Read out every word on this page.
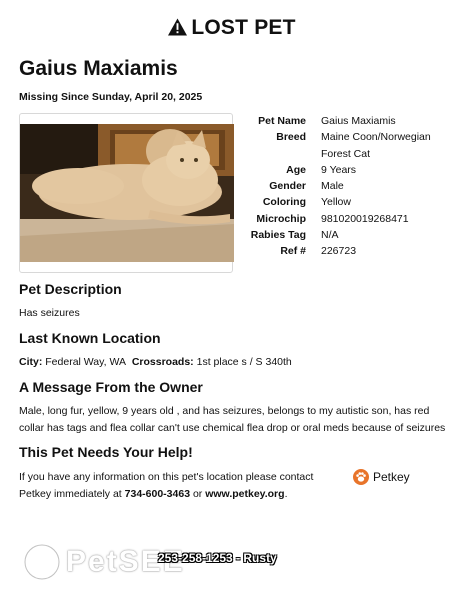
LOST PET
Gaius Maxiamis
Missing Since Sunday, April 20, 2025
Pet Name	Gaius Maxiamis
Breed	Maine Coon/Norwegian Forest Cat
Age	9 Years
Gender	Male
Coloring	Yellow
Microchip	981020019268471
Rabies Tag	N/A
Ref #	226723
Pet Description
Has seizures
Last Known Location
City: Federal Way, WA Crossroads: 1st place s / S 340th
A Message From the Owner
Male, long fur, yellow, 9 years old , and has seizures, belongs to my autistic son, has red collar has tags and flea collar can't use chemical flea drop or oral meds because of seizures
This Pet Needs Your Help!
If you have any information on this pet's location please contact Petkey immediately at 734-600-3463 or www.petkey.org.
Petkey
PetSEE
253-258-1253 - Rusty
